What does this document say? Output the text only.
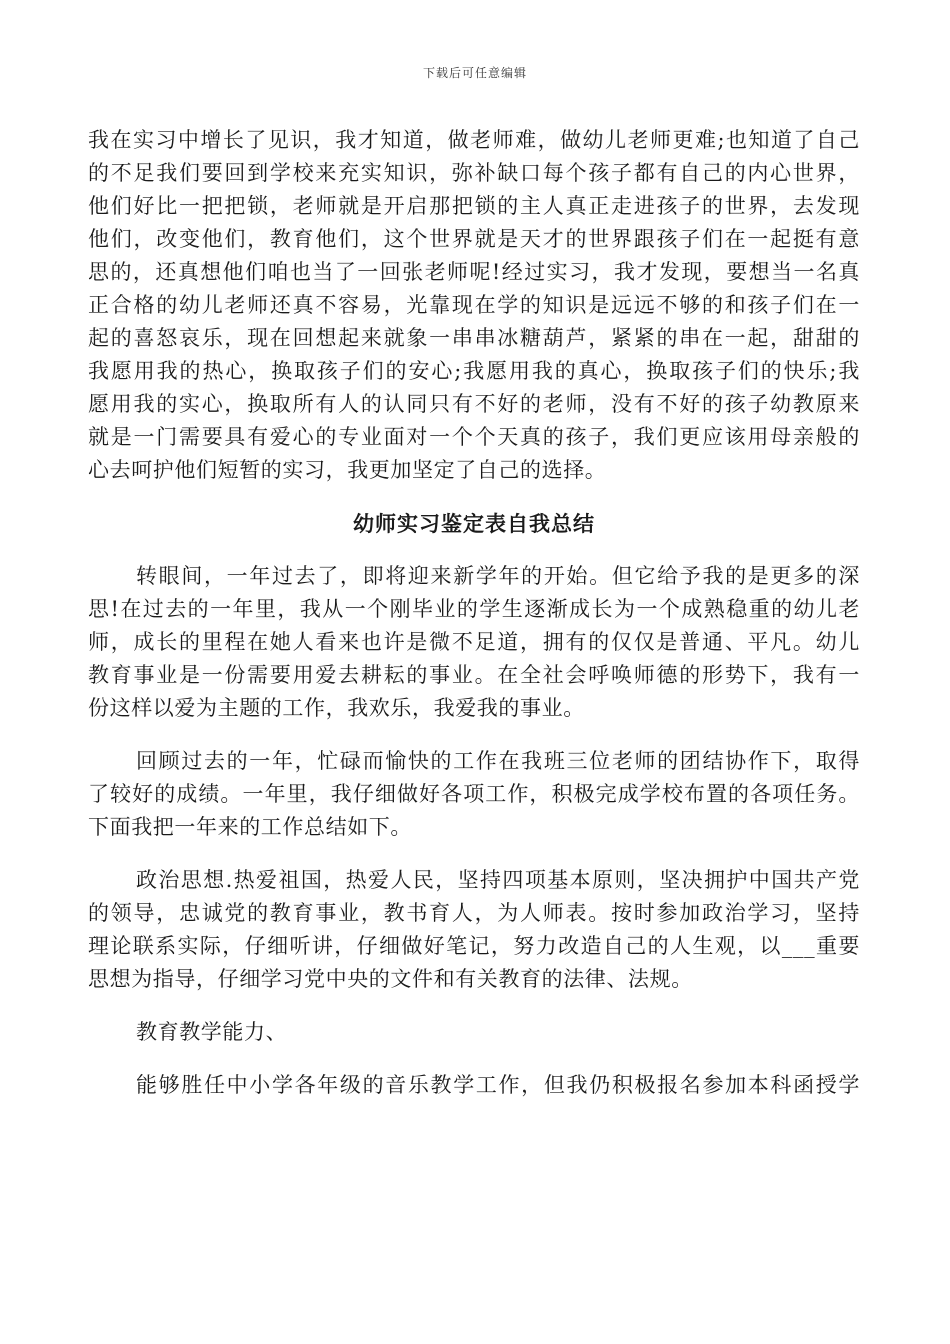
下载后可任意编辑
我在实习中增长了见识，我才知道，做老师难，做幼儿老师更难;也知道了自己
的不足我们要回到学校来充实知识，弥补缺口每个孩子都有自己的内心世界，
他们好比一把把锁，老师就是开启那把锁的主人真正走进孩子的世界，去发现
他们，改变他们，教育他们，这个世界就是天才的世界跟孩子们在一起挺有意
思的，还真想他们咱也当了一回张老师呢!经过实习，我才发现，要想当一名真
正合格的幼儿老师还真不容易，光靠现在学的知识是远远不够的和孩子们在一
起的喜怒哀乐，现在回想起来就象一串串冰糖葫芦，紧紧的串在一起，甜甜的
我愿用我的热心，换取孩子们的安心;我愿用我的真心，换取孩子们的快乐;我
愿用我的实心，换取所有人的认同只有不好的老师，没有不好的孩子幼教原来
就是一门需要具有爱心的专业面对一个个天真的孩子，我们更应该用母亲般的
心去呵护他们短暂的实习，我更加坚定了自己的选择。
幼师实习鉴定表自我总结
转眼间，一年过去了，即将迎来新学年的开始。但它给予我的是更多的深
思!在过去的一年里，我从一个刚毕业的学生逐渐成长为一个成熟稳重的幼儿老
师，成长的里程在她人看来也许是微不足道，拥有的仅仅是普通、平凡。幼儿
教育事业是一份需要用爱去耕耘的事业。在全社会呼唤师德的形势下，我有一
份这样以爱为主题的工作，我欢乐，我爱我的事业。
回顾过去的一年，忙碌而愉快的工作在我班三位老师的团结协作下，取得
了较好的成绩。一年里，我仔细做好各项工作，积极完成学校布置的各项任务。
下面我把一年来的工作总结如下。
政治思想.热爱祖国，热爱人民，坚持四项基本原则，坚决拥护中国共产党
的领导，忠诚党的教育事业，教书育人，为人师表。按时参加政治学习，坚持
理论联系实际，仔细听讲，仔细做好笔记，努力改造自己的人生观，以___重要
思想为指导，仔细学习党中央的文件和有关教育的法律、法规。
教育教学能力、
能够胜任中小学各年级的音乐教学工作，但我仍积极报名参加本科函授学
